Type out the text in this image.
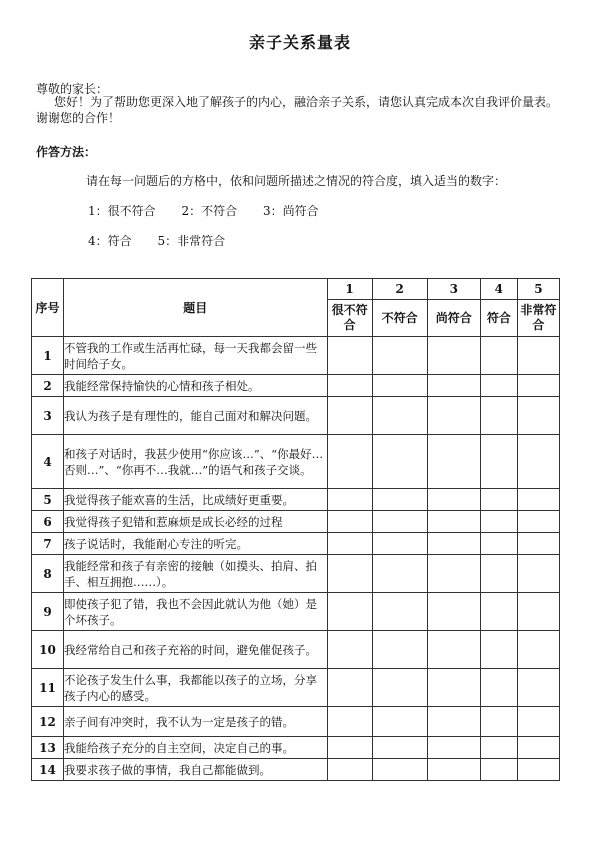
亲子关系量表
尊敬的家长：
您好！为了帮助您更深入地了解孩子的内心，融洽亲子关系，请您认真完成本次自我评价量表。谢谢您的合作！
作答方法：
请在每一问题后的方格中，依和问题所描述之情况的符合度，填入适当的数字：
1：很不符合 2：不符合 3：尚符合
4：符合 5：非常符合
序号	题目	1	2	3	4	5
		很不符合	不符合	尚符合	符合	非常符合
1	不管我的工作或生活再忙碌，每一天我都会留一些时间给子女。					
2	我能经常保持愉快的心情和孩子相处。					
3	我认为孩子是有理性的，能自己面对和解决问题。					
4	和孩子对话时，我甚少使用“你应该…”、“你最好…否则…”、“你再不…我就…”的语气和孩子交谈。					
5	我觉得孩子能欢喜的生活，比成绩好更重要。					
6	我觉得孩子犯错和惹麻烦是成长必经的过程					
7	孩子说话时，我能耐心专注的听完。					
8	我能经常和孩子有亲密的接触（如摸头、拍肩、拍手、相互拥抱……）。					
9	即使孩子犯了错，我也不会因此就认为他（她）是个坏孩子。					
10	我经常给自己和孩子充裕的时间，避免催促孩子。					
11	不论孩子发生什么事，我都能以孩子的立场，分享孩子内心的感受。					
12	亲子间有冲突时，我不认为一定是孩子的错。					
13	我能给孩子充分的自主空间，决定自己的事。					
14	我要求孩子做的事情，我自己都能做到。					
